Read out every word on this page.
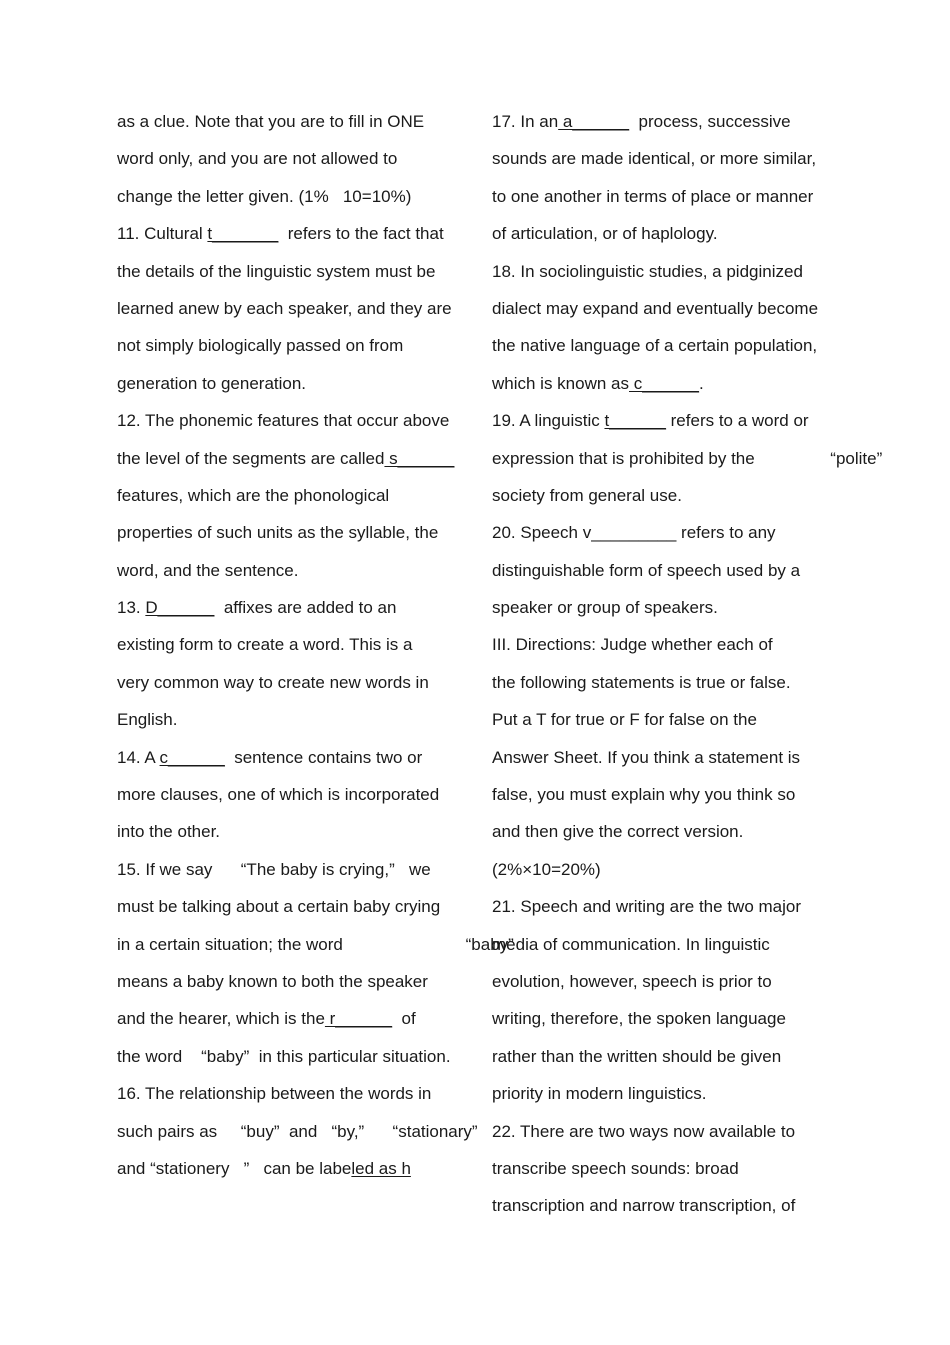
as a clue. Note that you are to fill in ONE
word only, and you are not allowed to
change the letter given. (1%   10=10%)
11. Cultural t_______  refers to the fact that
the details of the linguistic system must be
learned anew by each speaker, and they are
not simply biologically passed on from
generation to generation.
12. The phonemic features that occur above
the level of the segments are called s______
features, which are the phonological
properties of such units as the syllable, the
word, and the sentence.
13. D______  affixes are added to an
existing form to create a word. This is a
very common way to create new words in
English.
14. A c______  sentence contains two or
more clauses, one of which is incorporated
into the other.
15. If we say      “The baby is crying,”   we
must be talking about a certain baby crying
in a certain situation; the word                          “baby”
means a baby known to both the speaker
and the hearer, which is the r______  of
the word    “baby”  in this particular situation.
16. The relationship between the words in
such pairs as     “buy”  and   “by,”      “stationary”
and “stationery   ”   can be labeled as h
17. In an a______  process, successive
sounds are made identical, or more similar,
to one another in terms of place or manner
of articulation, or of haplology.
18. In sociolinguistic studies, a pidginized
dialect may expand and eventually become
the native language of a certain population,
which is known as c______.
19. A linguistic t______ refers to a word or
expression that is prohibited by the                “polite”
society from general use.
20. Speech v_________ refers to any
distinguishable form of speech used by a
speaker or group of speakers.
III. Directions: Judge whether each of
the following statements is true or false.
Put a T for true or F for false on the
Answer Sheet. If you think a statement is
false, you must explain why you think so
and then give the correct version.
(2%×10=20%)
21. Speech and writing are the two major
media of communication. In linguistic
evolution, however, speech is prior to
writing, therefore, the spoken language
rather than the written should be given
priority in modern linguistics.
22. There are two ways now available to
transcribe speech sounds: broad
transcription and narrow transcription, of
